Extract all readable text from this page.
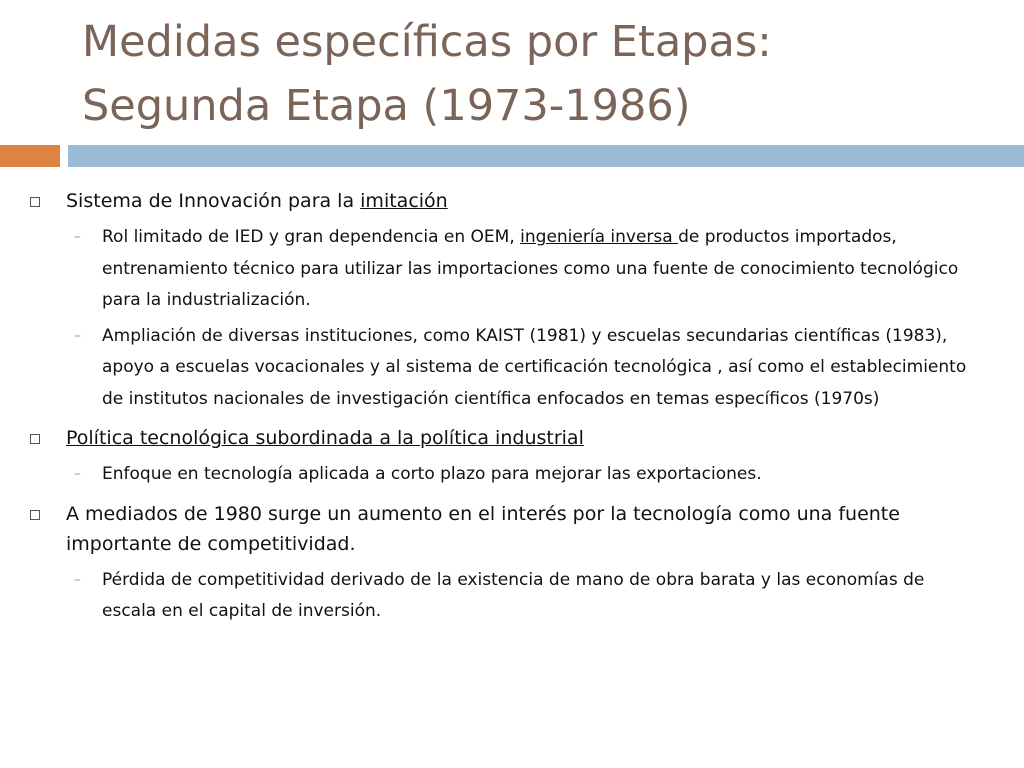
Medidas específicas por Etapas:
Segunda Etapa (1973-1986)

Sistema de Innovación para la imitación

– Rol limitado de IED y gran dependencia en OEM, ingeniería inversa de productos importados, entrenamiento técnico para utilizar las importaciones como una fuente de conocimiento tecnológico para la industrialización.

– Ampliación de diversas instituciones, como KAIST (1981) y escuelas secundarias científicas (1983), apoyo a escuelas vocacionales y al sistema de certificación tecnológica , así como el establecimiento de institutos nacionales de investigación científica enfocados en temas específicos (1970s)

Política tecnológica subordinada a la política industrial

– Enfoque en tecnología aplicada a corto plazo para mejorar las exportaciones.

A mediados de 1980 surge un aumento en el interés por la tecnología como una fuente importante de competitividad.

– Pérdida de competitividad derivado de la existencia de mano de obra barata y las economías de escala en el capital de inversión.
